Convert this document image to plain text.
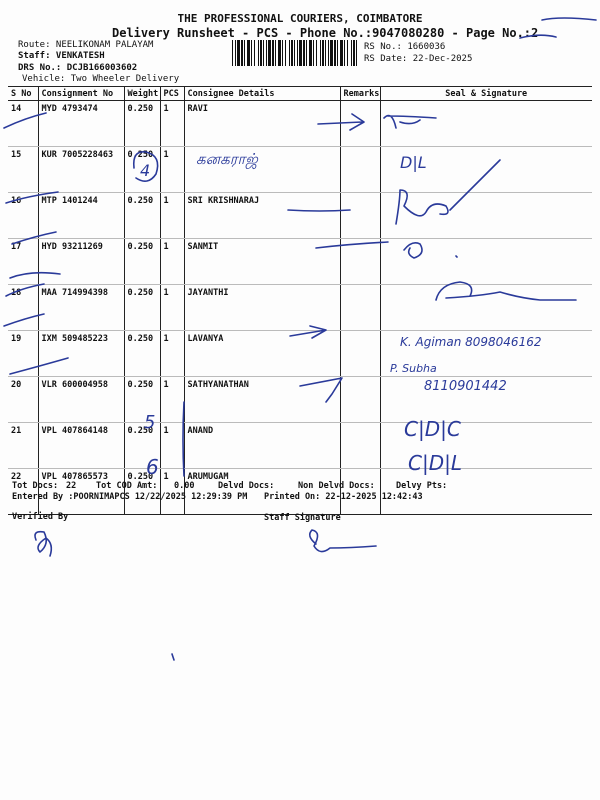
THE PROFESSIONAL COURIERS, COIMBATORE
Delivery Runsheet - PCS - Phone No.:9047080280 - Page No.:2
Route: NEELIKONAM PALAYAM
Staff: VENKATESH
DRS No.: DCJB166003602
Vehicle: Two Wheeler Delivery
RS No.: 1660036
RS Date: 22-Dec-2025
S No	Consignment No	Weight	PCS	Consignee Details	Remarks	Seal & Signature
14	MYD 4793474	0.250	1	RAVI		
15	KUR 7005228463	0.250	1			
16	MTP 1401244	0.250	1	SRI KRISHNARAJ		
17	HYD 93211269	0.250	1	SANMIT		
18	MAA 714994398	0.250	1	JAYANTHI		
19	IXM 509485223	0.250	1	LAVANYA		
20	VLR 600004958	0.250	1	SATHYANATHAN		
21	VPL 407864148	0.250	1	ANAND		
22	VPL 407865573	0.250	1	ARUMUGAM		
Tot Docs: 22 Tot COD Amt: 0.00	Delvd Docs:	Non Delvd Docs: Delvy Pts:
Entered By :POORNIMAPCS 12/22/2025 12:29:39 PM Printed On: 22-12-2025 12:42:43
Verified By	Staff Signature
4
5
6
கனகராஜ்	D|L
K. Agiman 8098046162
P. Subha
8110901442
C|D|C
C|D|L
